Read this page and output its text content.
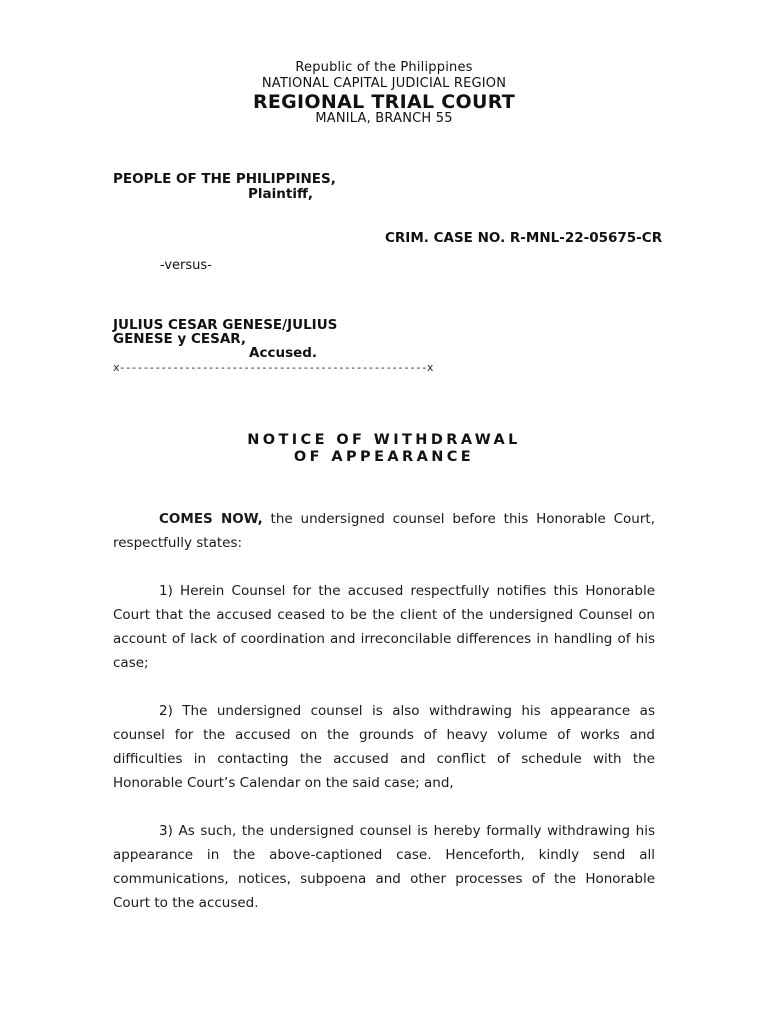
Republic of the Philippines
NATIONAL CAPITAL JUDICIAL REGION
REGIONAL TRIAL COURT
MANILA, BRANCH 55
PEOPLE OF THE PHILIPPINES,
Plaintiff,
CRIM. CASE NO. R-MNL-22-05675-CR
-versus-
JULIUS CESAR GENESE/JULIUS
GENESE y CESAR,
Accused.
x----------------------------------------------------x
NOTICE OF WITHDRAWAL
OF APPEARANCE
COMES NOW, the undersigned counsel before this Honorable Court, respectfully states:
1) Herein Counsel for the accused respectfully notifies this Honorable Court that the accused ceased to be the client of the undersigned Counsel on account of lack of coordination and irreconcilable differences in handling of his case;
2) The undersigned counsel is also withdrawing his appearance as counsel for the accused on the grounds of heavy volume of works and difficulties in contacting the accused and conflict of schedule with the Honorable Court’s Calendar on the said case; and,
3) As such, the undersigned counsel is hereby formally withdrawing his appearance in the above-captioned case. Henceforth, kindly send all communications, notices, subpoena and other processes of the Honorable Court to the accused.
